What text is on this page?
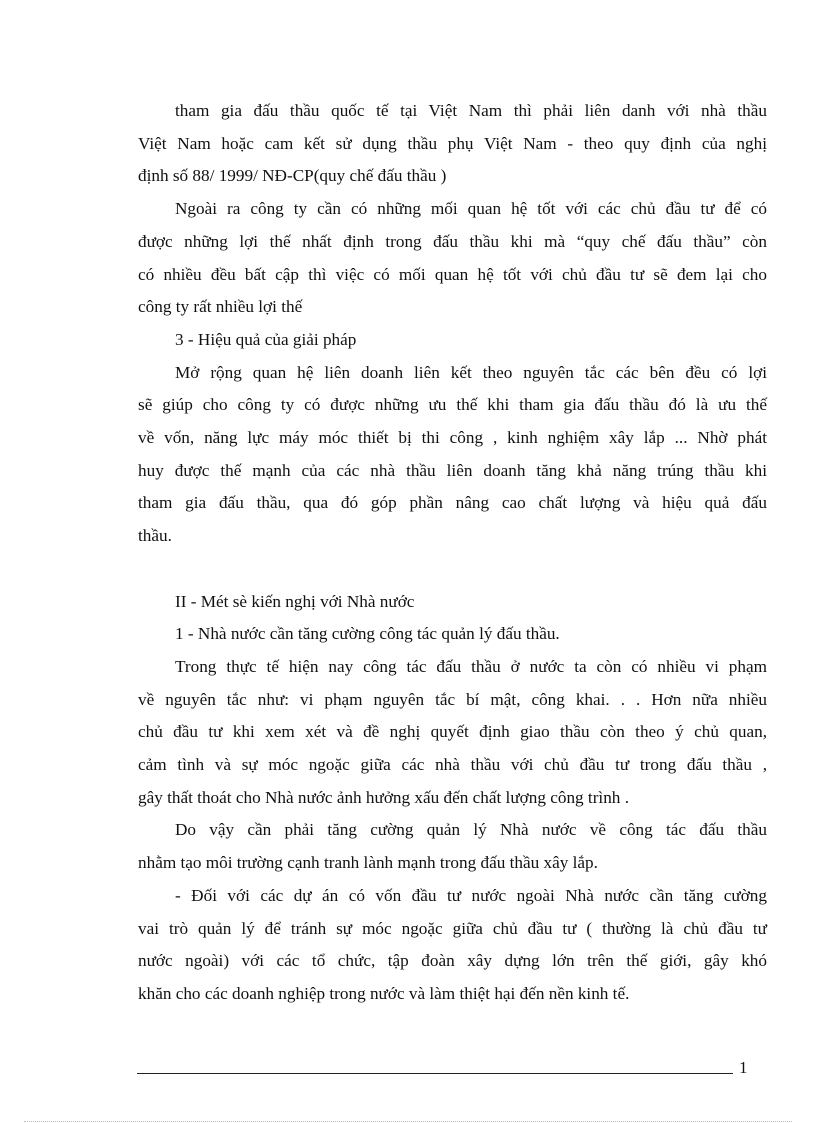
tham gia đấu thầu quốc tế tại Việt Nam thì phải liên danh với nhà thầu
Việt Nam hoặc cam kết sử dụng thầu phụ Việt Nam - theo quy định của nghị
định số 88/ 1999/ NĐ-CP(quy chế đấu thầu )
Ngoài ra công ty cần có những mối quan hệ tốt với các chủ đầu tư để có
được những lợi thế nhất định trong đấu thầu khi mà “quy chế đấu thầu” còn
có nhiều đều bất cập thì việc có mối quan hệ tốt với chủ đầu tư sẽ đem lại cho
công ty rất nhiều lợi thế
3 - Hiệu quả của giải pháp
Mở rộng quan hệ liên doanh liên kết theo nguyên tắc các bên đều có lợi
sẽ giúp cho công ty có được những ưu thế khi tham gia đấu thầu đó là ưu thế
về vốn, năng lực máy móc thiết bị thi công , kinh nghiệm xây lắp ... Nhờ phát
huy được thế mạnh của các nhà thầu liên doanh tăng khả năng trúng thầu khi
tham gia đấu thầu, qua đó góp phần nâng cao chất lượng và hiệu quả đấu
thầu.
II - Mét sè kiến nghị với Nhà nước
1 - Nhà nước cần tăng cường công tác quản lý đấu thầu.
Trong thực tế hiện nay công tác đấu thầu ở nước ta còn có nhiều vi phạm
về nguyên tắc như: vi phạm nguyên tắc bí mật, công khai. . . Hơn nữa nhiều
chủ đầu tư khi xem xét và đề nghị quyết định giao thầu còn theo ý chủ quan,
cảm tình và sự móc ngoặc giữa các nhà thầu với chủ đầu tư trong đấu thầu ,
gây thất thoát cho Nhà nước ảnh hưởng xấu đến chất lượng công trình .
Do vậy cần phải tăng cường quản lý Nhà nước về công tác đấu thầu
nhằm tạo môi trường cạnh tranh lành mạnh trong đấu thầu xây lắp.
- Đối với các dự án có vốn đầu tư nước ngoài Nhà nước cần tăng cường
vai trò quản lý để tránh sự móc ngoặc giữa chủ đầu tư ( thường là chủ đầu tư
nước ngoài) với các tổ chức, tập đoàn xây dựng lớn trên thế giới, gây khó
khăn cho các doanh nghiệp trong nước và làm thiệt hại đến nền kinh tế.
1
